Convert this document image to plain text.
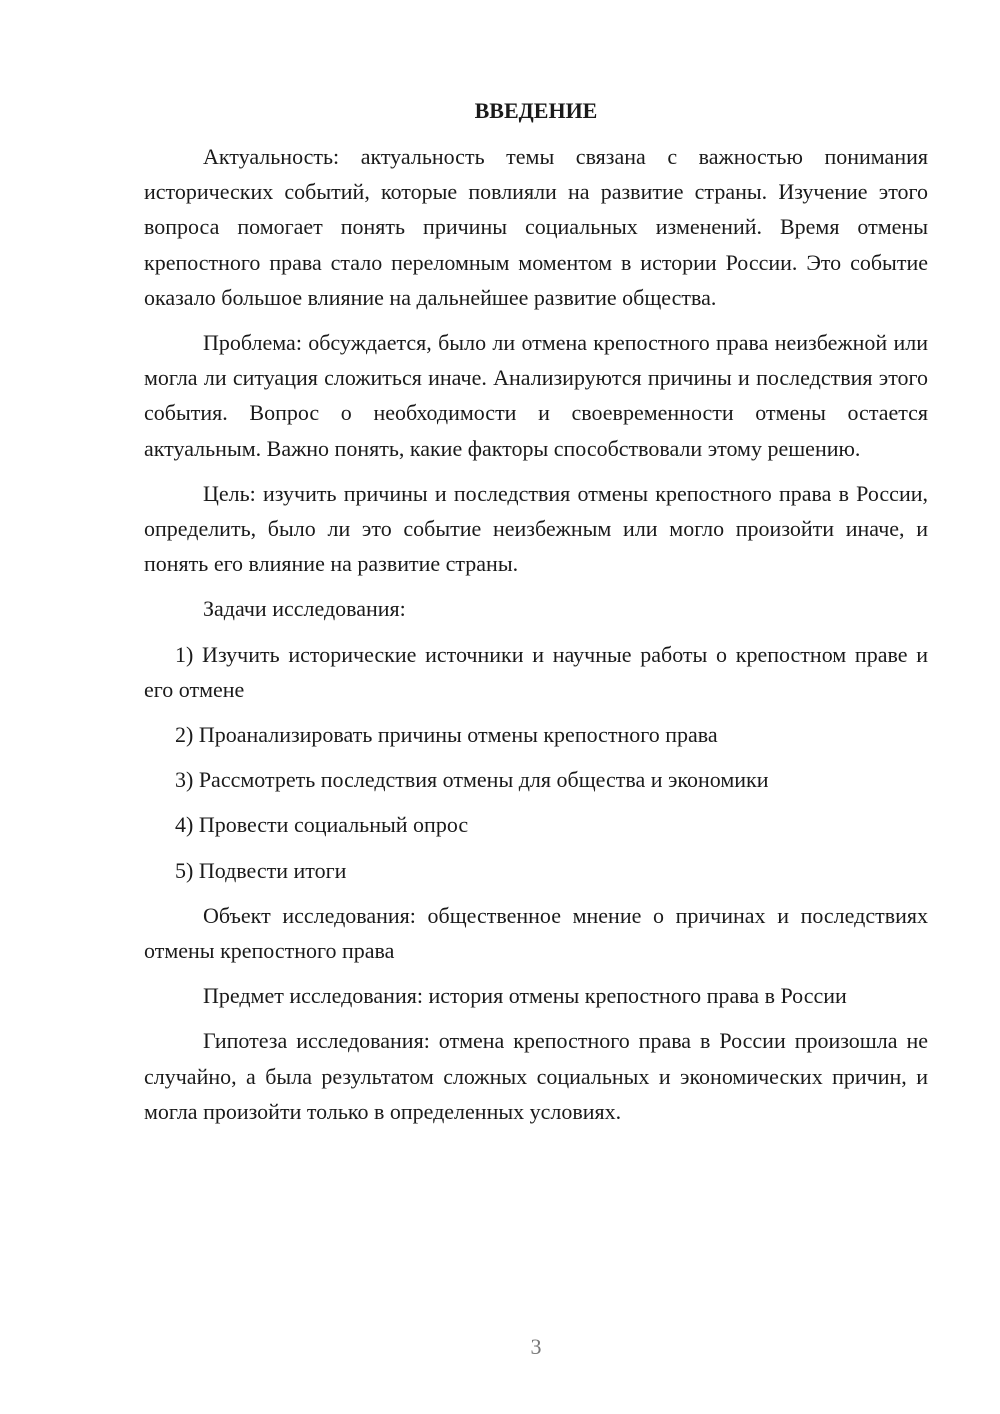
ВВЕДЕНИЕ

Актуальность: актуальность темы связана с важностью понимания исторических событий, которые повлияли на развитие страны. Изучение этого вопроса помогает понять причины социальных изменений. Время отмены крепостного права стало переломным моментом в истории России. Это событие оказало большое влияние на дальнейшее развитие общества.

Проблема: обсуждается, было ли отмена крепостного права неизбежной или могла ли ситуация сложиться иначе. Анализируются причины и последствия этого события. Вопрос о необходимости и своевременности отмены остается актуальным. Важно понять, какие факторы способствовали этому решению.

Цель: изучить причины и последствия отмены крепостного права в России, определить, было ли это событие неизбежным или могло произойти иначе, и понять его влияние на развитие страны.

Задачи исследования:

1) Изучить исторические источники и научные работы о крепостном праве и его отмене

2) Проанализировать причины отмены крепостного права

3) Рассмотреть последствия отмены для общества и экономики

4) Провести социальный опрос

5) Подвести итоги

Объект исследования: общественное мнение о причинах и последствиях отмены крепостного права

Предмет исследования: история отмены крепостного права в России

Гипотеза исследования: отмена крепостного права в России произошла не случайно, а была результатом сложных социальных и экономических причин, и могла произойти только в определенных условиях.

3
